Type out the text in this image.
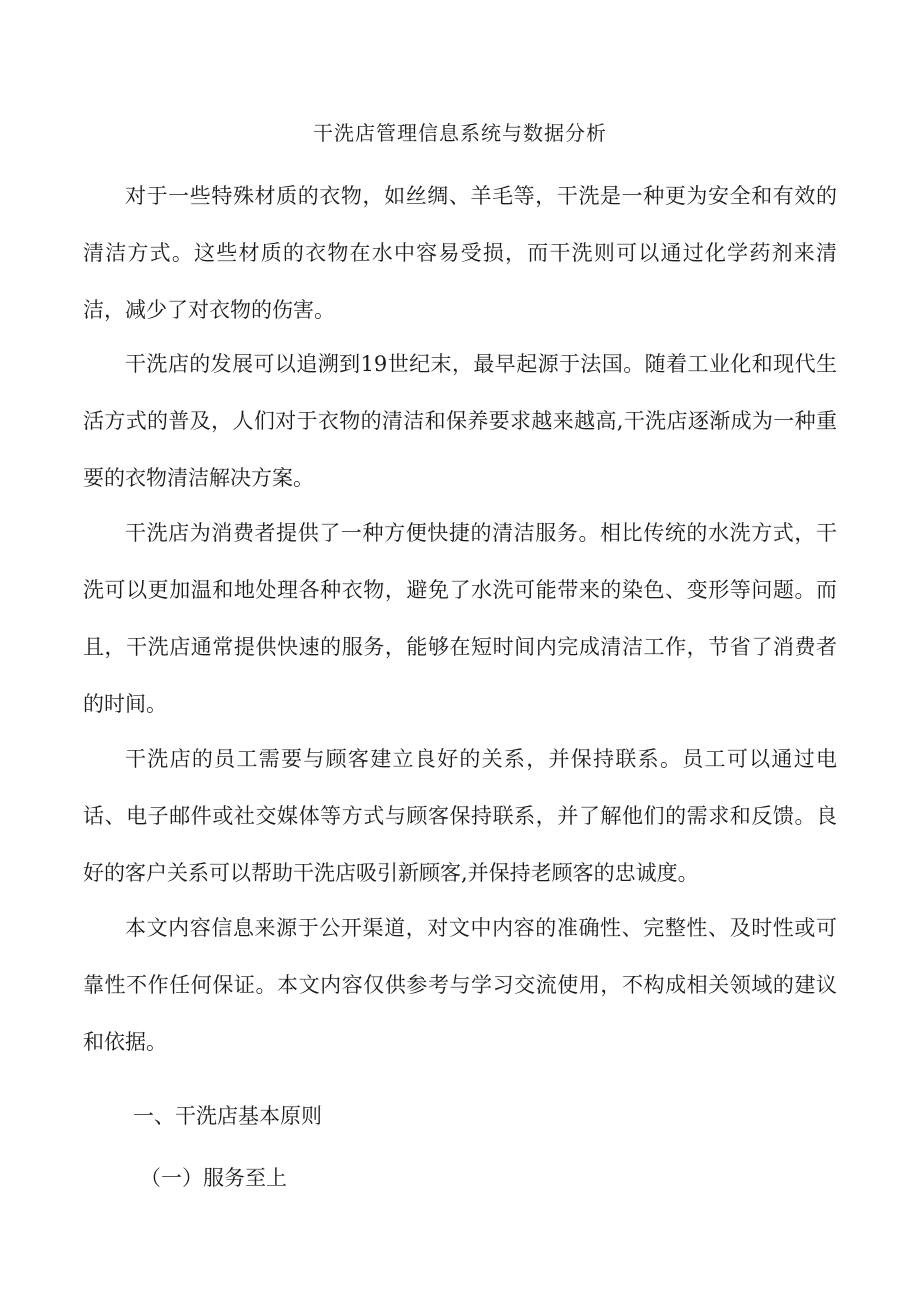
干洗店管理信息系统与数据分析

对于一些特殊材质的衣物，如丝绸、羊毛等，干洗是一种更为安全和有效的清洁方式。这些材质的衣物在水中容易受损，而干洗则可以通过化学药剂来清洁，减少了对衣物的伤害。

干洗店的发展可以追溯到19世纪末，最早起源于法国。随着工业化和现代生活方式的普及，人们对于衣物的清洁和保养要求越来越高,干洗店逐渐成为一种重要的衣物清洁解决方案。

干洗店为消费者提供了一种方便快捷的清洁服务。相比传统的水洗方式，干洗可以更加温和地处理各种衣物，避免了水洗可能带来的染色、变形等问题。而且，干洗店通常提供快速的服务，能够在短时间内完成清洁工作，节省了消费者的时间。

干洗店的员工需要与顾客建立良好的关系，并保持联系。员工可以通过电话、电子邮件或社交媒体等方式与顾客保持联系，并了解他们的需求和反馈。良好的客户关系可以帮助干洗店吸引新顾客,并保持老顾客的忠诚度。

本文内容信息来源于公开渠道，对文中内容的准确性、完整性、及时性或可靠性不作任何保证。本文内容仅供参考与学习交流使用，不构成相关领域的建议和依据。

一、干洗店基本原则

（一）服务至上
